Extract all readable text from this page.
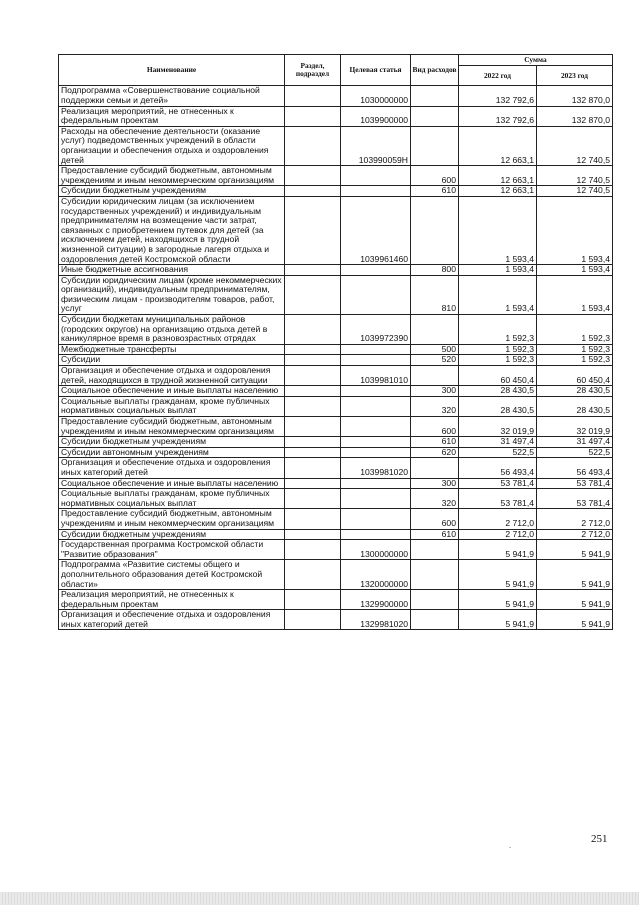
Наименование	Раздел, подраздел	Целевая статья	Вид расходов	Сумма	
				2022 год	2023 год
Подпрограмма «Совершенствование социальной поддержки семьи и детей»		1030000000		132 792,6	132 870,0
Реализация мероприятий, не отнесенных к федеральным проектам		1039900000		132 792,6	132 870,0
Расходы на обеспечение деятельности (оказание услуг) подведомственных учреждений в области организации и обеспечения отдыха и оздоровления детей		103990059Н		12 663,1	12 740,5
Предоставление субсидий бюджетным, автономным учреждениям и иным некоммерческим организациям			600	12 663,1	12 740,5
Субсидии бюджетным учреждениям			610	12 663,1	12 740,5
Субсидии юридическим лицам (за исключением государственных учреждений) и индивидуальным предпринимателям на возмещение части затрат, связанных с приобретением путевок для детей (за исключением детей, находящихся в трудной жизненной ситуации) в загородные лагеря отдыха и оздоровления детей Костромской области		1039961460		1 593,4	1 593,4
Иные бюджетные ассигнования			800	1 593,4	1 593,4
Субсидии юридическим лицам (кроме некоммерческих организаций), индивидуальным предпринимателям, физическим лицам - производителям товаров, работ, услуг			810	1 593,4	1 593,4
Субсидии бюджетам муниципальных районов (городских округов) на организацию отдыха детей в каникулярное время в разновозрастных отрядах		1039972390		1 592,3	1 592,3
Межбюджетные трансферты			500	1 592,3	1 592,3
Субсидии			520	1 592,3	1 592,3
Организация и обеспечение отдыха и оздоровления детей, находящихся в трудной жизненной ситуации		1039981010		60 450,4	60 450,4
Социальное обеспечение и иные выплаты населению			300	28 430,5	28 430,5
Социальные выплаты гражданам, кроме публичных нормативных социальных выплат			320	28 430,5	28 430,5
Предоставление субсидий бюджетным, автономным учреждениям и иным некоммерческим организациям			600	32 019,9	32 019,9
Субсидии бюджетным учреждениям			610	31 497,4	31 497,4
Субсидии автономным учреждениям			620	522,5	522,5
Организация и обеспечение отдыха и оздоровления иных категорий детей		1039981020		56 493,4	56 493,4
Социальное обеспечение и иные выплаты населению			300	53 781,4	53 781,4
Социальные выплаты гражданам, кроме публичных нормативных социальных выплат			320	53 781,4	53 781,4
Предоставление субсидий бюджетным, автономным учреждениям и иным некоммерческим организациям			600	2 712,0	2 712,0
Субсидии бюджетным учреждениям			610	2 712,0	2 712,0
Государственная программа Костромской области "Развитие образования"		1300000000		5 941,9	5 941,9
Подпрограмма «Развитие системы общего и дополнительного образования детей Костромской области»		1320000000		5 941,9	5 941,9
Реализация мероприятий, не отнесенных к федеральным проектам		1329900000		5 941,9	5 941,9
Организация и обеспечение отдыха и оздоровления иных категорий детей		1329981020		5 941,9	5 941,9
251
